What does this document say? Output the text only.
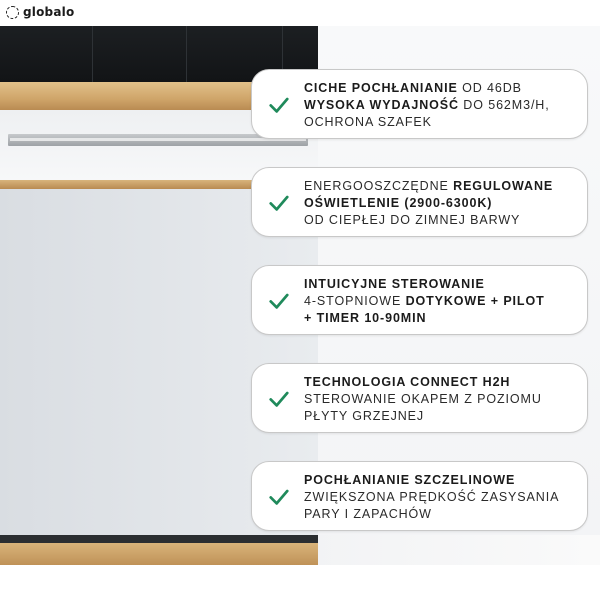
globalo
CICHE POCHŁANIANIE OD 46DB
WYSOKA WYDAJNOŚĆ DO 562M3/H,
OCHRONA SZAFEK
ENERGOOSZCZĘDNE REGULOWANE
OŚWIETLENIE (2900-6300K)
OD CIEPŁEJ DO ZIMNEJ BARWY
INTUICYJNE STEROWANIE
4-STOPNIOWE DOTYKOWE + PILOT
+ TIMER 10-90MIN
TECHNOLOGIA CONNECT H2H
STEROWANIE OKAPEM Z POZIOMU
PŁYTY GRZEJNEJ
POCHŁANIANIE SZCZELINOWE
ZWIĘKSZONA PRĘDKOŚĆ ZASYSANIA
PARY I ZAPACHÓW
